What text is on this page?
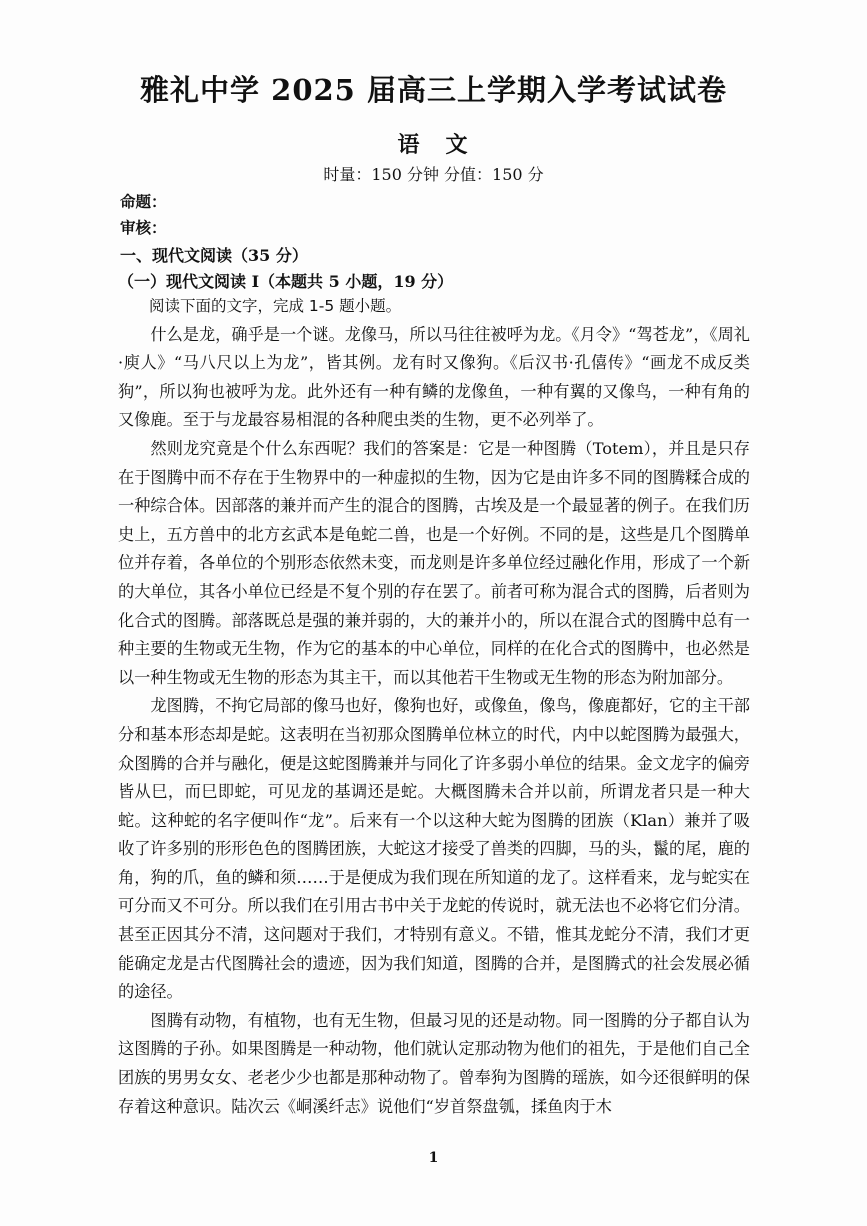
雅礼中学 2025 届高三上学期入学考试试卷
语　文
时量：150 分钟 分值：150 分
命题：
审核：
一、现代文阅读（35 分）
（一）现代文阅读 I（本题共 5 小题，19 分）

阅读下面的文字，完成 1-5 题小题。

什么是龙，确乎是一个谜。龙像马，所以马往往被呼为龙。《月令》“驾苍龙”，《周礼·庾人》“马八尺以上为龙”，皆其例。龙有时又像狗。《后汉书·孔僖传》“画龙不成反类狗”，所以狗也被呼为龙。此外还有一种有鳞的龙像鱼，一种有翼的又像鸟，一种有角的又像鹿。至于与龙最容易相混的各种爬虫类的生物，更不必列举了。

然则龙究竟是个什么东西呢？我们的答案是：它是一种图腾（Totem），并且是只存在于图腾中而不存在于生物界中的一种虚拟的生物，因为它是由许多不同的图腾糅合成的一种综合体。因部落的兼并而产生的混合的图腾，古埃及是一个最显著的例子。在我们历史上，五方兽中的北方玄武本是龟蛇二兽，也是一个好例。不同的是，这些是几个图腾单位并存着，各单位的个别形态依然未变，而龙则是许多单位经过融化作用，形成了一个新的大单位，其各小单位已经是不复个别的存在罢了。前者可称为混合式的图腾，后者则为化合式的图腾。部落既总是强的兼并弱的，大的兼并小的，所以在混合式的图腾中总有一种主要的生物或无生物，作为它的基本的中心单位，同样的在化合式的图腾中，也必然是以一种生物或无生物的形态为其主干，而以其他若干生物或无生物的形态为附加部分。

龙图腾，不拘它局部的像马也好，像狗也好，或像鱼，像鸟，像鹿都好，它的主干部分和基本形态却是蛇。这表明在当初那众图腾单位林立的时代，内中以蛇图腾为最强大，众图腾的合并与融化，便是这蛇图腾兼并与同化了许多弱小单位的结果。金文龙字的偏旁皆从巳，而巳即蛇，可见龙的基调还是蛇。大概图腾未合并以前，所谓龙者只是一种大蛇。这种蛇的名字便叫作“龙”。后来有一个以这种大蛇为图腾的团族（Klan）兼并了吸收了许多别的形形色色的图腾团族，大蛇这才接受了兽类的四脚，马的头，鬣的尾，鹿的角，狗的爪，鱼的鳞和须……于是便成为我们现在所知道的龙了。这样看来，龙与蛇实在可分而又不可分。所以我们在引用古书中关于龙蛇的传说时，就无法也不必将它们分清。甚至正因其分不清，这问题对于我们，才特别有意义。不错，惟其龙蛇分不清，我们才更能确定龙是古代图腾社会的遗迹，因为我们知道，图腾的合并，是图腾式的社会发展必循的途径。

图腾有动物，有植物，也有无生物，但最习见的还是动物。同一图腾的分子都自认为这图腾的子孙。如果图腾是一种动物，他们就认定那动物为他们的祖先，于是他们自己全团族的男男女女、老老少少也都是那种动物了。曾奉狗为图腾的瑶族，如今还很鲜明的保存着这种意识。陆次云《峒溪纤志》说他们“岁首祭盘瓠，揉鱼肉于木

1
